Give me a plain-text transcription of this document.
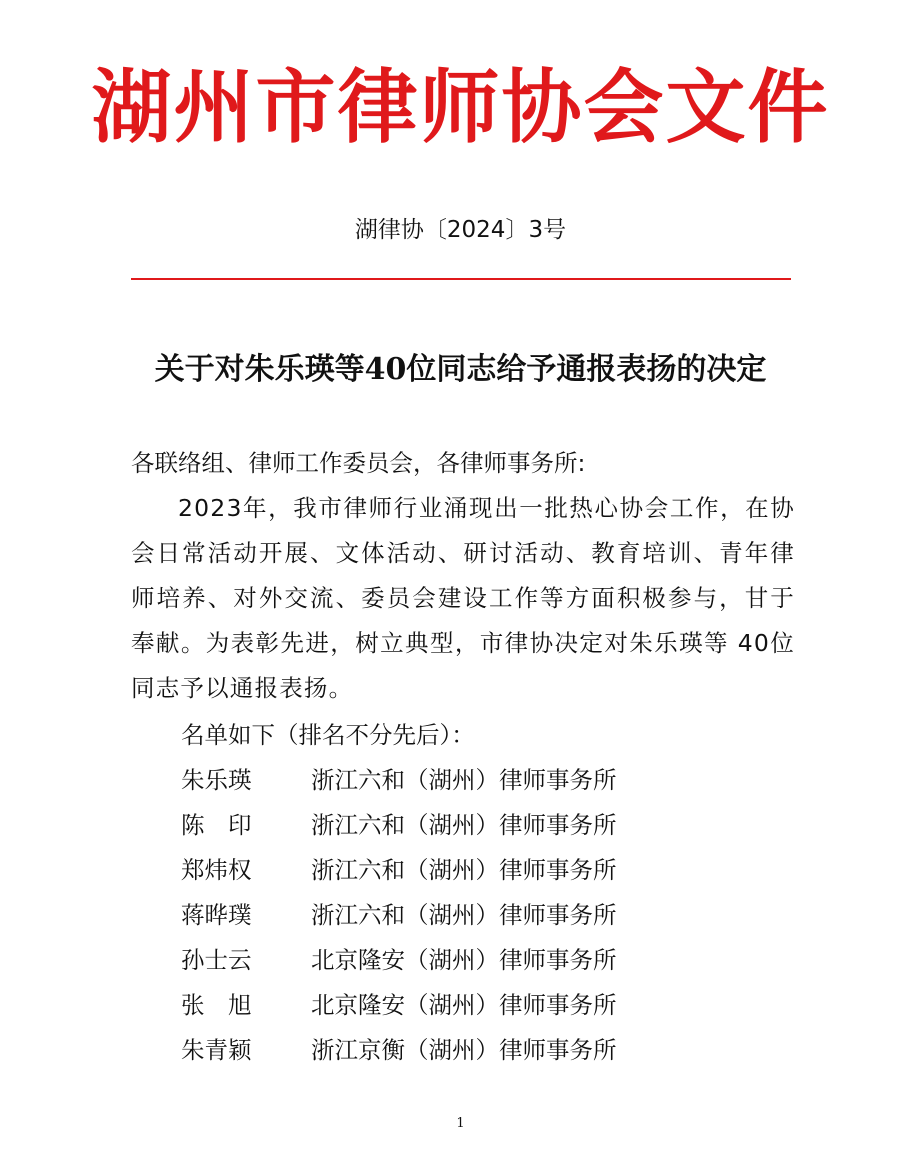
湖州市律师协会文件
湖律协〔2024〕3号
关于对朱乐瑛等40位同志给予通报表扬的决定
各联络组、律师工作委员会，各律师事务所:
2023年，我市律师行业涌现出一批热心协会工作，在协会日常活动开展、文体活动、研讨活动、教育培训、青年律师培养、对外交流、委员会建设工作等方面积极参与，甘于奉献。为表彰先进，树立典型，市律协决定对朱乐瑛等 40位同志予以通报表扬。
名单如下（排名不分先后）：
朱乐瑛	浙江六和（湖州）律师事务所
陈　印	浙江六和（湖州）律师事务所
郑炜权	浙江六和（湖州）律师事务所
蒋晔璞	浙江六和（湖州）律师事务所
孙士云	北京隆安（湖州）律师事务所
张　旭	北京隆安（湖州）律师事务所
朱青颖	浙江京衡（湖州）律师事务所
1
